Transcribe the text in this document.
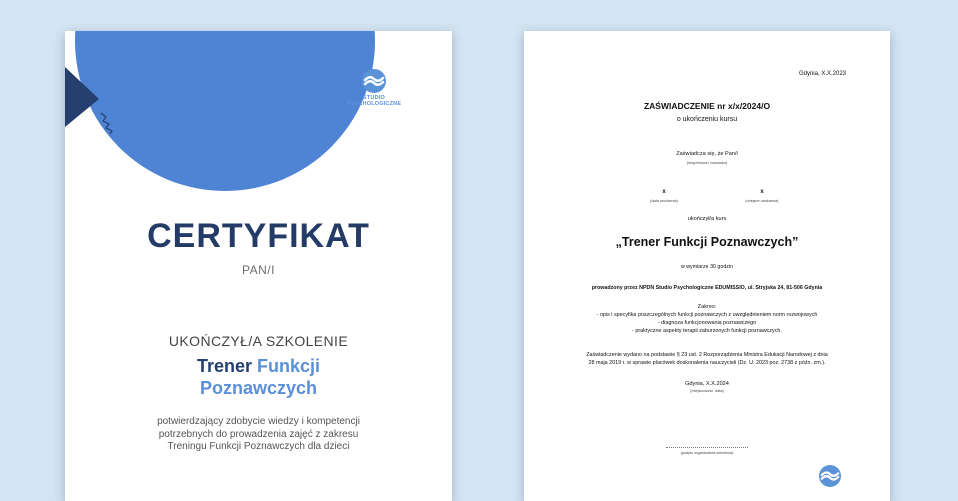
STUDIO
PSYCHOLOGICZNE
CERTYFIKAT
PAN/I
UKOŃCZYŁ/A SZKOLENIE
Trener Funkcji
Poznawczych
potwierdzający zdobycie wiedzy i kompetencji
potrzebnych do prowadzenia zajęć z zakresu
Treningu Funkcji Poznawczych dla dzieci
Gdynia, X.X.2023
ZAŚWIADCZENIE nr x/x/2024/O
o ukończeniu kursu
Zaświadcza się, że Pan/i
(imię/imiona i nazwisko)
x	x
(data urodzenia)	(miejsce urodzenia)
ukończył/a kurs
„Trener Funkcji Poznawczych”
w wymiarze 30 godzin
prowadzony przez NPDN Studio Psychologiczne EDUMISSIO, ul. Stryjska 24, 81-506 Gdynia
Zakres:
- opis i specyfika poszczególnych funkcji poznawczych z uwzględnieniem norm rozwojowych
- diagnoza funkcjonowania poznawczego
- praktyczne aspekty terapii zaburzonych funkcji poznawczych.
Zaświadczenie wydano na podstawie § 23 ust. 2 Rozporządzenia Ministra Edukacji Narodowej z dnia
28 maja 2019 r. w sprawie placówek doskonalenia nauczycieli (Dz. U. 2023 poz. 2738 z późn. zm.).
Gdynia, X.X.2024
(miejscowość, data)
(podpis organizatora szkolenia)
